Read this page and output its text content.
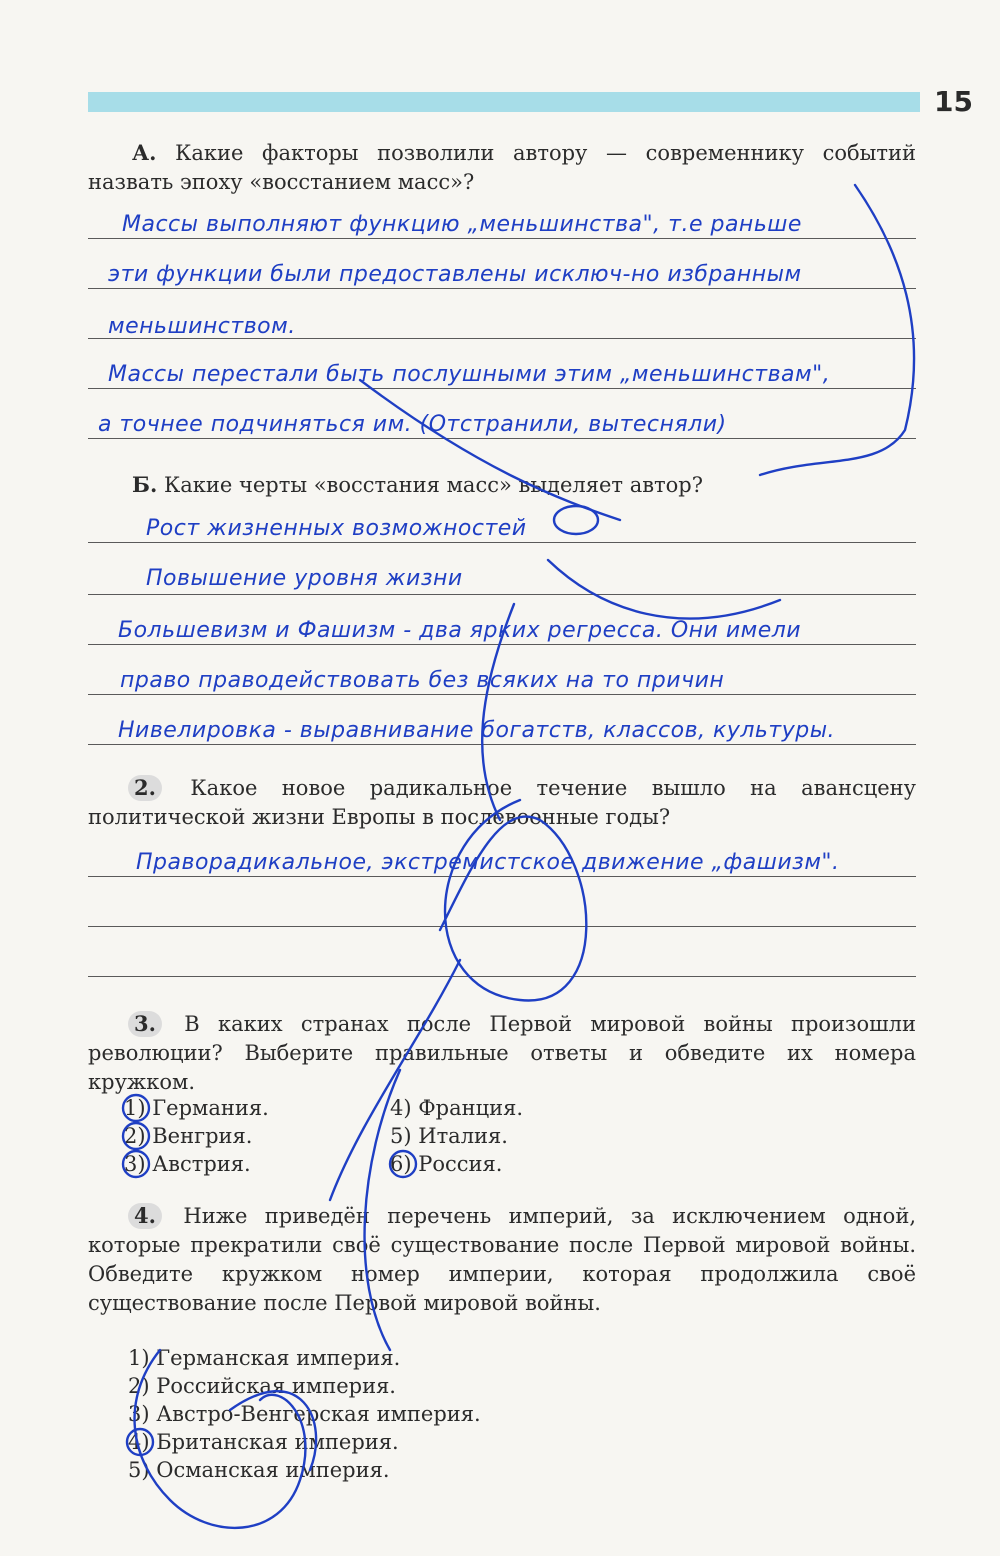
15
А. Какие факторы позволили автору — современнику событий назвать эпоху «восстанием масс»?
Массы выполняют функцию „меньшинства", т.е раньше
эти функции были предоставлены исключ-но избранным
меньшинством.
Массы перестали быть послушными этим „меньшинствам",
а точнее подчиняться им. (Отстранили, вытесняли)
Б. Какие черты «восстания масс» выделяет автор?
Рост жизненных возможностей
Повышение уровня жизни
Большевизм и Фашизм - два ярких регресса. Они имели
право праводействовать без всяких на то причин
Нивелировка - выравнивание богатств, классов, культуры.
2. Какое новое радикальное течение вышло на авансцену политической жизни Европы в послевоенные годы?
Праворадикальное, экстремистское движение „фашизм".
3. В каких странах после Первой мировой войны произошли революции? Выберите правильные ответы и обведите их номера кружком.
1) Германия.
2) Венгрия.
3) Австрия.
4) Франция.
5) Италия.
6) Россия.
4. Ниже приведён перечень империй, за исключением одной, которые прекратили своё существование после Первой мировой войны. Обведите кружком номер империи, которая продолжила своё существование после Первой мировой войны.
1) Германская империя.
2) Российская империя.
3) Австро-Венгерская империя.
4) Британская империя.
5) Османская империя.
